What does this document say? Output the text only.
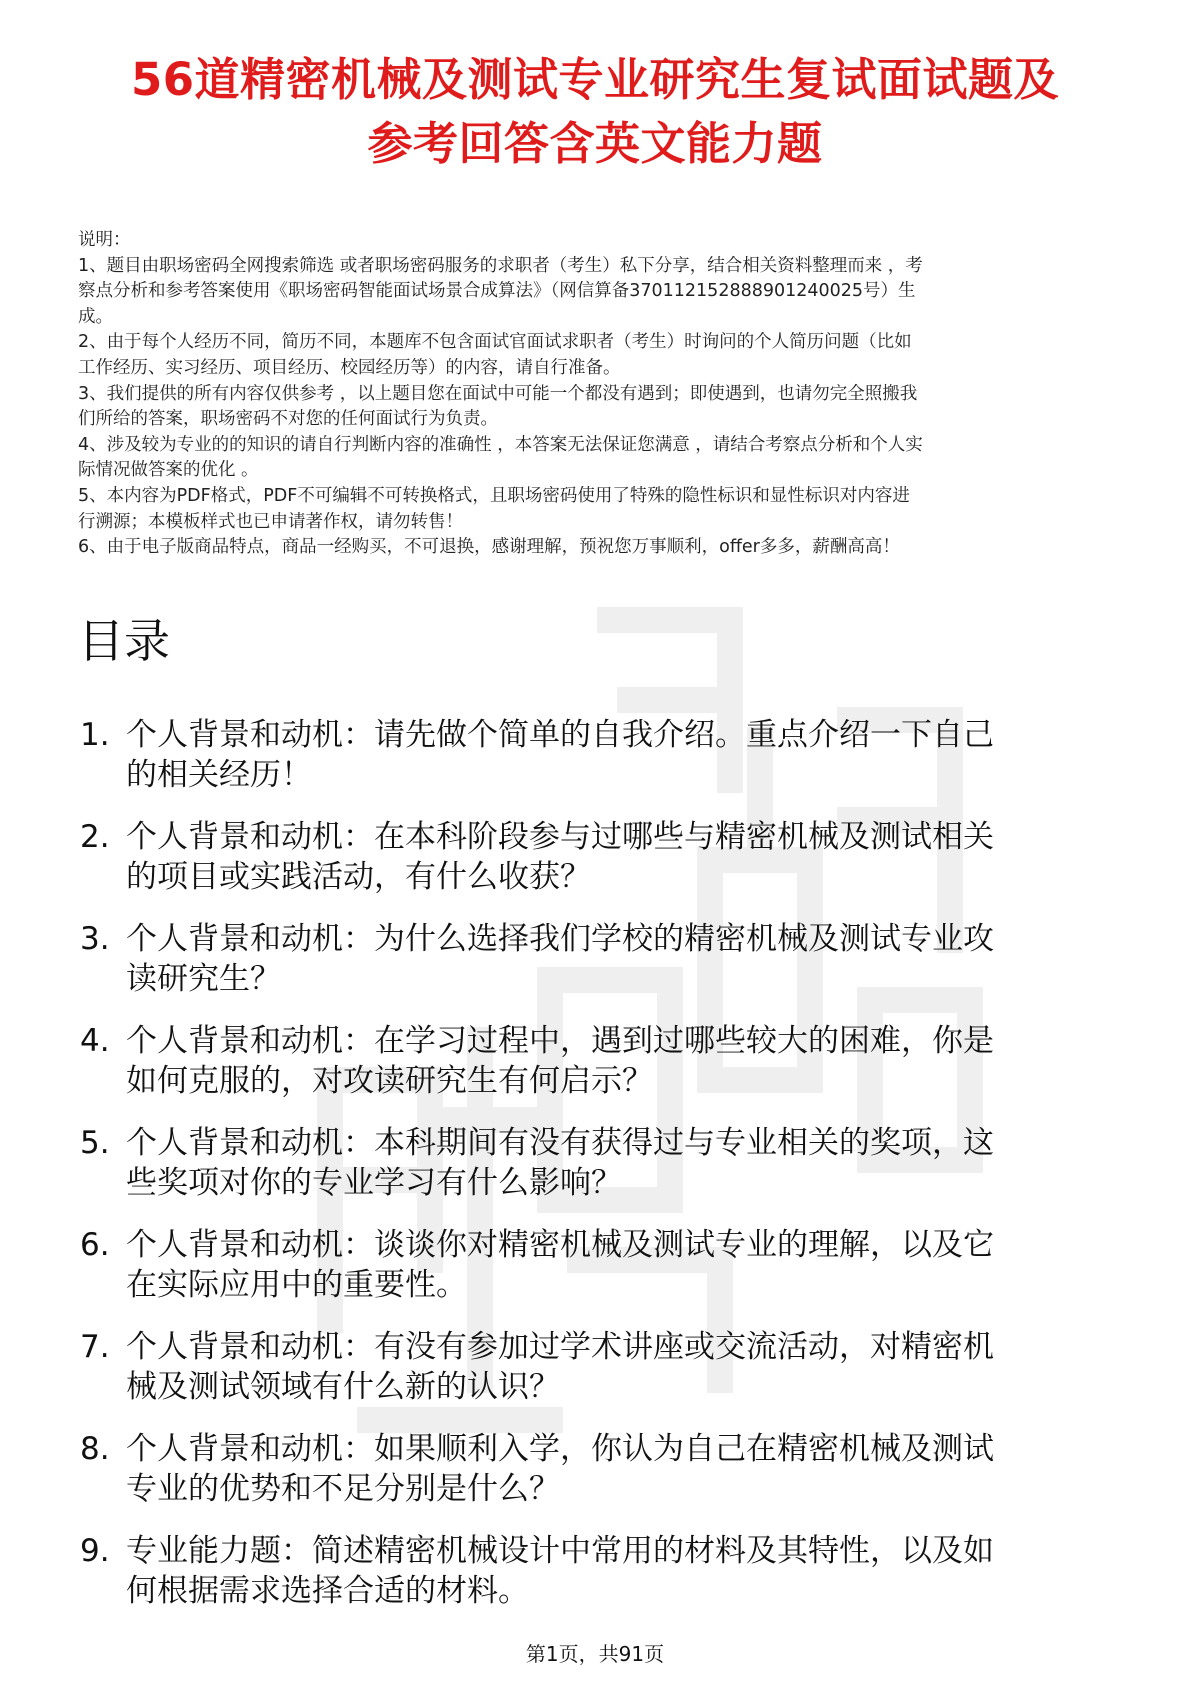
56道精密机械及测试专业研究生复试面试题及
参考回答含英文能力题
说明：
1、题目由职场密码全网搜索筛选 或者职场密码服务的求职者（考生）私下分享，结合相关资料整理而来 ，考
察点分析和参考答案使用《职场密码智能面试场景合成算法》（网信算备370112152888901240025号）生
成。
2、由于每个人经历不同，简历不同，本题库不包含面试官面试求职者（考生）时询问的个人简历问题（比如
工作经历、实习经历、项目经历、校园经历等）的内容，请自行准备。
3、我们提供的所有内容仅供参考 ，以上题目您在面试中可能一个都没有遇到；即使遇到，也请勿完全照搬我
们所给的答案，职场密码不对您的任何面试行为负责。
4、涉及较为专业的的知识的请自行判断内容的准确性 ，本答案无法保证您满意 ，请结合考察点分析和个人实
际情况做答案的优化 。
5、本内容为PDF格式，PDF不可编辑不可转换格式，且职场密码使用了特殊的隐性标识和显性标识对内容进
行溯源；本模板样式也已申请著作权，请勿转售！
6、由于电子版商品特点，商品一经购买，不可退换，感谢理解，预祝您万事顺利，offer多多，薪酬高高！
目录
1. 个人背景和动机：请先做个简单的自我介绍。重点介绍一下自己
的相关经历！
2. 个人背景和动机：在本科阶段参与过哪些与精密机械及测试相关
的项目或实践活动，有什么收获？
3. 个人背景和动机：为什么选择我们学校的精密机械及测试专业攻
读研究生？
4. 个人背景和动机：在学习过程中，遇到过哪些较大的困难，你是
如何克服的，对攻读研究生有何启示？
5. 个人背景和动机：本科期间有没有获得过与专业相关的奖项，这
些奖项对你的专业学习有什么影响？
6. 个人背景和动机：谈谈你对精密机械及测试专业的理解，以及它
在实际应用中的重要性。
7. 个人背景和动机：有没有参加过学术讲座或交流活动，对精密机
械及测试领域有什么新的认识？
8. 个人背景和动机：如果顺利入学，你认为自己在精密机械及测试
专业的优势和不足分别是什么？
9. 专业能力题：简述精密机械设计中常用的材料及其特性，以及如
何根据需求选择合适的材料。
第1页，共91页
